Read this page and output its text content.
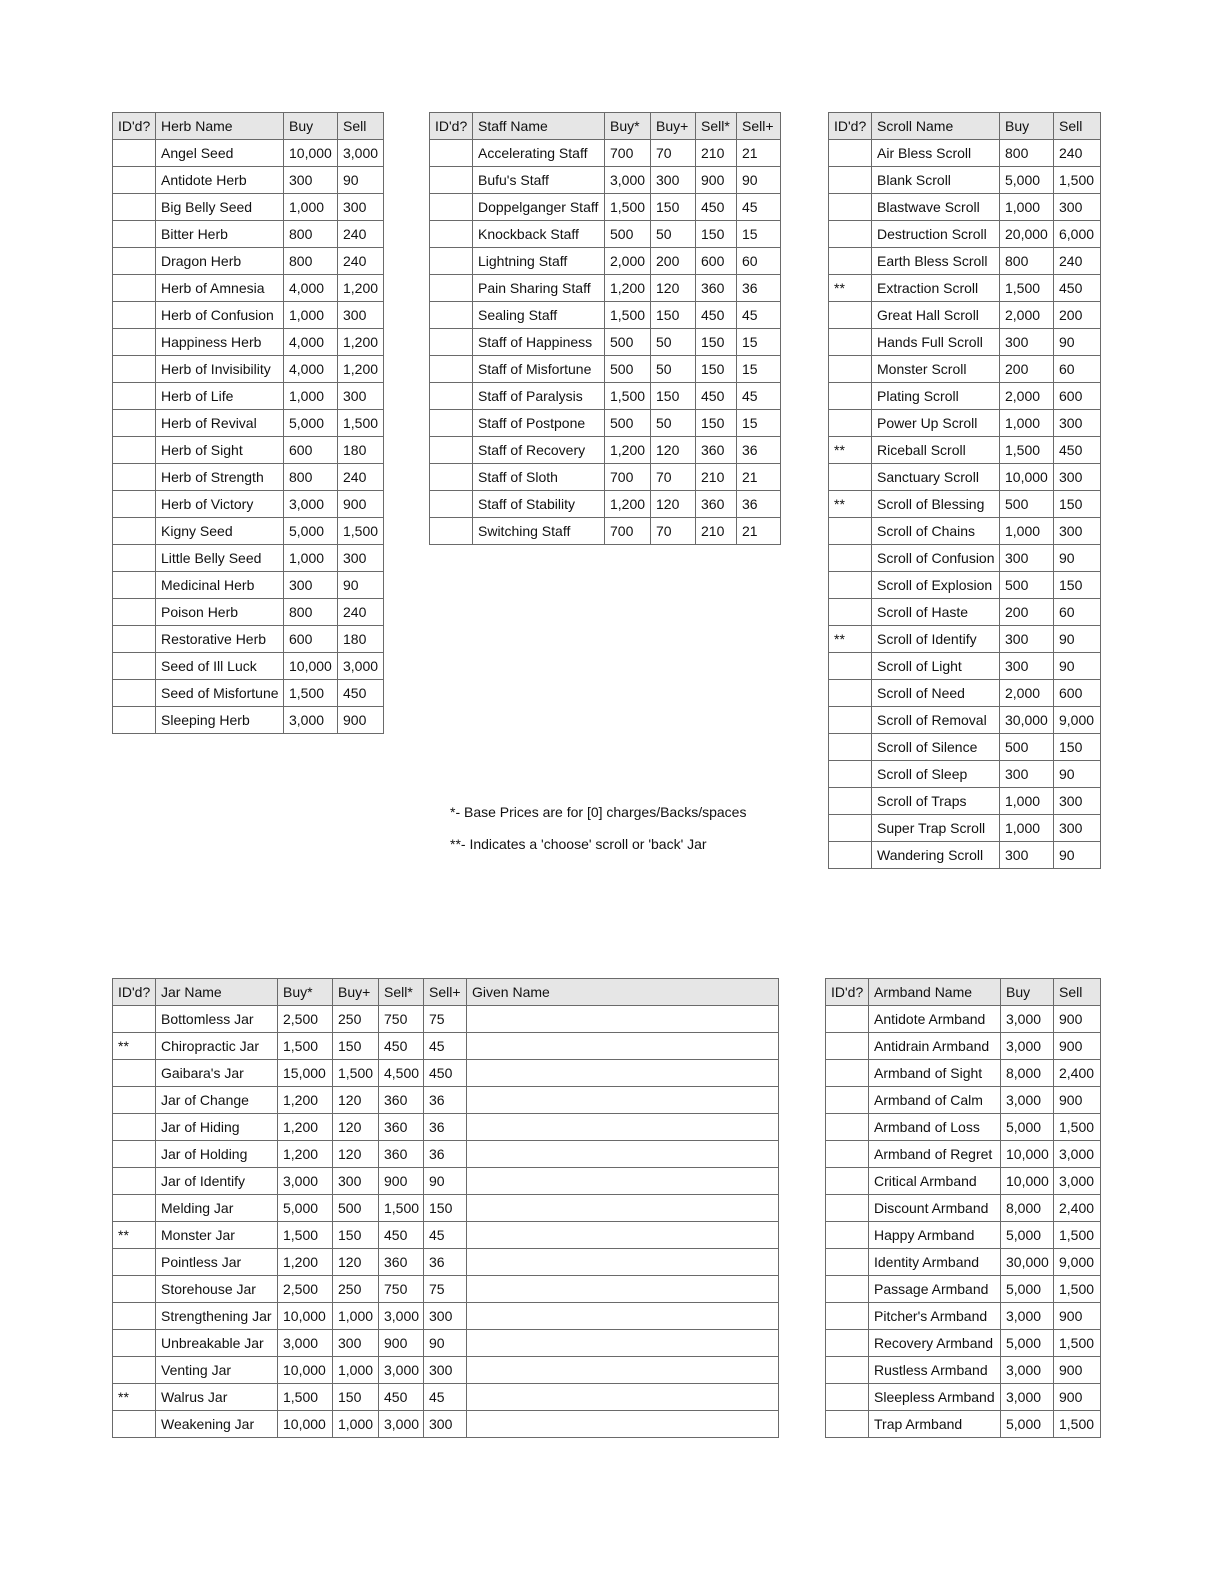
ID'd?	Herb Name	Buy	Sell
	Angel Seed	10,000	3,000
	Antidote Herb	300	90
	Big Belly Seed	1,000	300
	Bitter Herb	800	240
	Dragon Herb	800	240
	Herb of Amnesia	4,000	1,200
	Herb of Confusion	1,000	300
	Happiness Herb	4,000	1,200
	Herb of Invisibility	4,000	1,200
	Herb of Life	1,000	300
	Herb of Revival	5,000	1,500
	Herb of Sight	600	180
	Herb of Strength	800	240
	Herb of Victory	3,000	900
	Kigny Seed	5,000	1,500
	Little Belly Seed	1,000	300
	Medicinal Herb	300	90
	Poison Herb	800	240
	Restorative Herb	600	180
	Seed of Ill Luck	10,000	3,000
	Seed of Misfortune	1,500	450
	Sleeping Herb	3,000	900
ID'd?	Staff Name	Buy*	Buy+	Sell*	Sell+
	Accelerating Staff	700	70	210	21
	Bufu's Staff	3,000	300	900	90
	Doppelganger Staff	1,500	150	450	45
	Knockback Staff	500	50	150	15
	Lightning Staff	2,000	200	600	60
	Pain Sharing Staff	1,200	120	360	36
	Sealing Staff	1,500	150	450	45
	Staff of Happiness	500	50	150	15
	Staff of Misfortune	500	50	150	15
	Staff of Paralysis	1,500	150	450	45
	Staff of Postpone	500	50	150	15
	Staff of Recovery	1,200	120	360	36
	Staff of Sloth	700	70	210	21
	Staff of Stability	1,200	120	360	36
	Switching Staff	700	70	210	21
ID'd?	Scroll Name	Buy	Sell
	Air Bless Scroll	800	240
	Blank Scroll	5,000	1,500
	Blastwave Scroll	1,000	300
	Destruction Scroll	20,000	6,000
	Earth Bless Scroll	800	240
**	Extraction Scroll	1,500	450
	Great Hall Scroll	2,000	200
	Hands Full Scroll	300	90
	Monster Scroll	200	60
	Plating Scroll	2,000	600
	Power Up Scroll	1,000	300
**	Riceball Scroll	1,500	450
	Sanctuary Scroll	10,000	300
**	Scroll of Blessing	500	150
	Scroll of Chains	1,000	300
	Scroll of Confusion	300	90
	Scroll of Explosion	500	150
	Scroll of Haste	200	60
**	Scroll of Identify	300	90
	Scroll of Light	300	90
	Scroll of Need	2,000	600
	Scroll of Removal	30,000	9,000
	Scroll of Silence	500	150
	Scroll of Sleep	300	90
	Scroll of Traps	1,000	300
	Super Trap Scroll	1,000	300
	Wandering Scroll	300	90
ID'd?	Jar Name	Buy*	Buy+	Sell*	Sell+	Given Name
	Bottomless Jar	2,500	250	750	75	
**	Chiropractic Jar	1,500	150	450	45	
	Gaibara's Jar	15,000	1,500	4,500	450	
	Jar of Change	1,200	120	360	36	
	Jar of Hiding	1,200	120	360	36	
	Jar of Holding	1,200	120	360	36	
	Jar of Identify	3,000	300	900	90	
	Melding Jar	5,000	500	1,500	150	
**	Monster Jar	1,500	150	450	45	
	Pointless Jar	1,200	120	360	36	
	Storehouse Jar	2,500	250	750	75	
	Strengthening Jar	10,000	1,000	3,000	300	
	Unbreakable Jar	3,000	300	900	90	
	Venting Jar	10,000	1,000	3,000	300	
**	Walrus Jar	1,500	150	450	45	
	Weakening Jar	10,000	1,000	3,000	300	
ID'd?	Armband Name	Buy	Sell
	Antidote Armband	3,000	900
	Antidrain Armband	3,000	900
	Armband of Sight	8,000	2,400
	Armband of Calm	3,000	900
	Armband of Loss	5,000	1,500
	Armband of Regret	10,000	3,000
	Critical Armband	10,000	3,000
	Discount Armband	8,000	2,400
	Happy Armband	5,000	1,500
	Identity Armband	30,000	9,000
	Passage Armband	5,000	1,500
	Pitcher's Armband	3,000	900
	Recovery Armband	5,000	1,500
	Rustless Armband	3,000	900
	Sleepless Armband	3,000	900
	Trap Armband	5,000	1,500
*- Base Prices are for [0] charges/Backs/spaces
**- Indicates a 'choose' scroll or 'back' Jar
